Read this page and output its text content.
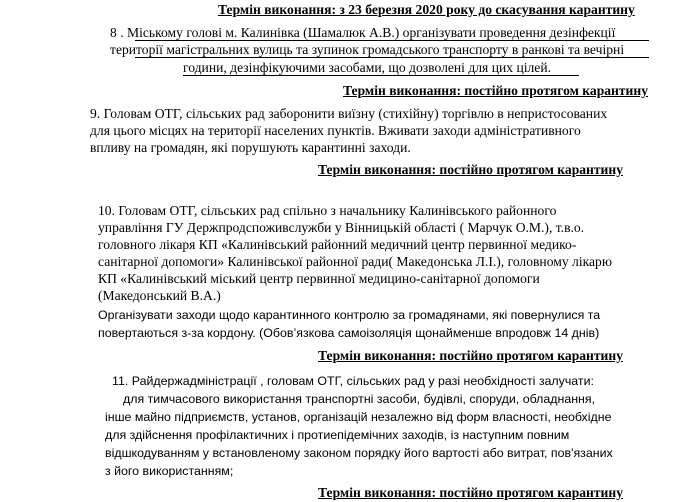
Термін виконання: з 23 березня 2020 року до скасування карантину
8 . Міському голові м. Калинівка (Шамалюк А.В.) організувати проведення дезінфекції
території магістральних вулиць та зупинок громадського транспорту в ранкові та вечірні
години, дезінфікуючими засобами, що дозволені для цих цілей.
Термін виконання: постійно протягом карантину
9. Головам ОТГ, сільських рад заборонити виїзну (стихійну) торгівлю в непристосованих
для цього місцях на території населених пунктів. Вживати заходи адміністративного
впливу на громадян, які порушують карантинні заходи.
Термін виконання: постійно протягом карантину
10. Головам ОТГ, сільських рад спільно з начальнику Калинівського районного
управління ГУ Держпродспоживслужби у Вінницькій області ( Марчук О.М.), т.в.о.
головного лікаря КП «Калинівський районний медичний центр первинної медико-
санітарної допомоги» Калинівської районної ради( Македонська Л.І.), головному лікарю
КП «Калинівський міський центр первинної медицино-санітарної допомоги
(Македонський В.А.)
Організувати заходи щодо карантинного контролю за громадянами, які повернулися та
повертаються з-за кордону. (Обов’язкова самоізоляція щонайменше впродовж 14 днів)
Термін виконання: постійно протягом карантину
11. Райдержадміністрації , головам ОТГ, сільських рад у разі необхідності залучати:
для тимчасового використання транспортні засоби, будівлі, споруди, обладнання,
інше майно підприємств, установ, організацій незалежно від форм власності, необхідне
для здійснення профілактичних і протиепідемічних заходів, із наступним повним
відшкодуванням у встановленому законом порядку його вартості або витрат, пов'язаних
з його використанням;
Термін виконання: постійно протягом карантину
